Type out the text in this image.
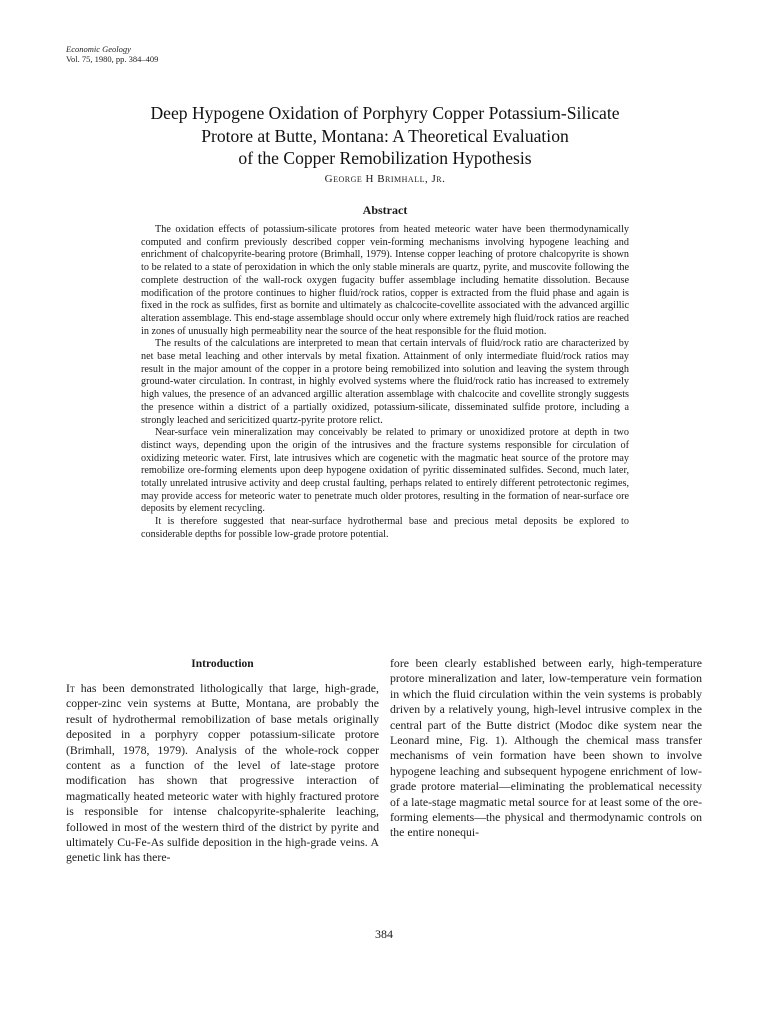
Economic Geology
Vol. 75, 1980, pp. 384–409
Deep Hypogene Oxidation of Porphyry Copper Potassium-Silicate
Protore at Butte, Montana: A Theoretical Evaluation
of the Copper Remobilization Hypothesis
George H Brimhall, Jr.
Abstract

The oxidation effects of potassium-silicate protores from heated meteoric water have been thermodynamically computed and confirm previously described copper vein-forming mechanisms involving hypogene leaching and enrichment of chalcopyrite-bearing protore (Brimhall, 1979). Intense copper leaching of protore chalcopyrite is shown to be related to a state of peroxidation in which the only stable minerals are quartz, pyrite, and muscovite following the complete destruction of the wall-rock oxygen fugacity buffer assemblage including hematite dissolution. Because modification of the protore continues to higher fluid/rock ratios, copper is extracted from the fluid phase and again is fixed in the rock as sulfides, first as bornite and ultimately as chalcocite-covellite associated with the advanced argillic alteration assemblage. This end-stage assemblage should occur only where extremely high fluid/rock ratios are reached in zones of unusually high permeability near the source of the heat responsible for the fluid motion.

The results of the calculations are interpreted to mean that certain intervals of fluid/rock ratio are characterized by net base metal leaching and other intervals by metal fixation. Attainment of only intermediate fluid/rock ratios may result in the major amount of the copper in a protore being remobilized into solution and leaving the system through ground-water circulation. In contrast, in highly evolved systems where the fluid/rock ratio has increased to extremely high values, the presence of an advanced argillic alteration assemblage with chalcocite and covellite strongly suggests the presence within a district of a partially oxidized, potassium-silicate, disseminated sulfide protore, including a strongly leached and sericitized quartz-pyrite protore relict.

Near-surface vein mineralization may conceivably be related to primary or unoxidized protore at depth in two distinct ways, depending upon the origin of the intrusives and the fracture systems responsible for circulation of oxidizing meteoric water. First, late intrusives which are cogenetic with the magmatic heat source of the protore may remobilize ore-forming elements upon deep hypogene oxidation of pyritic disseminated sulfides. Second, much later, totally unrelated intrusive activity and deep crustal faulting, perhaps related to entirely different petrotectonic regimes, may provide access for meteoric water to penetrate much older protores, resulting in the formation of near-surface ore deposits by element recycling.

It is therefore suggested that near-surface hydrothermal base and precious metal deposits be explored to considerable depths for possible low-grade protore potential.

Introduction

It has been demonstrated lithologically that large, high-grade, copper-zinc vein systems at Butte, Montana, are probably the result of hydrothermal remobilization of base metals originally deposited in a porphyry copper potassium-silicate protore (Brimhall, 1978, 1979). Analysis of the whole-rock copper content as a function of the level of late-stage protore modification has shown that progressive interaction of magmatically heated meteoric water with highly fractured protore is responsible for intense chalcopyrite-sphalerite leaching, followed in most of the western third of the district by pyrite and ultimately Cu-Fe-As sulfide deposition in the high-grade veins. A genetic link has there-

fore been clearly established between early, high-temperature protore mineralization and later, low-temperature vein formation in which the fluid circulation within the vein systems is probably driven by a relatively young, high-level intrusive complex in the central part of the Butte district (Modoc dike system near the Leonard mine, Fig. 1). Although the chemical mass transfer mechanisms of vein formation have been shown to involve hypogene leaching and subsequent hypogene enrichment of low-grade protore material—eliminating the problematical necessity of a late-stage magmatic metal source for at least some of the ore-forming elements—the physical and thermodynamic controls on the entire nonequi-

384
